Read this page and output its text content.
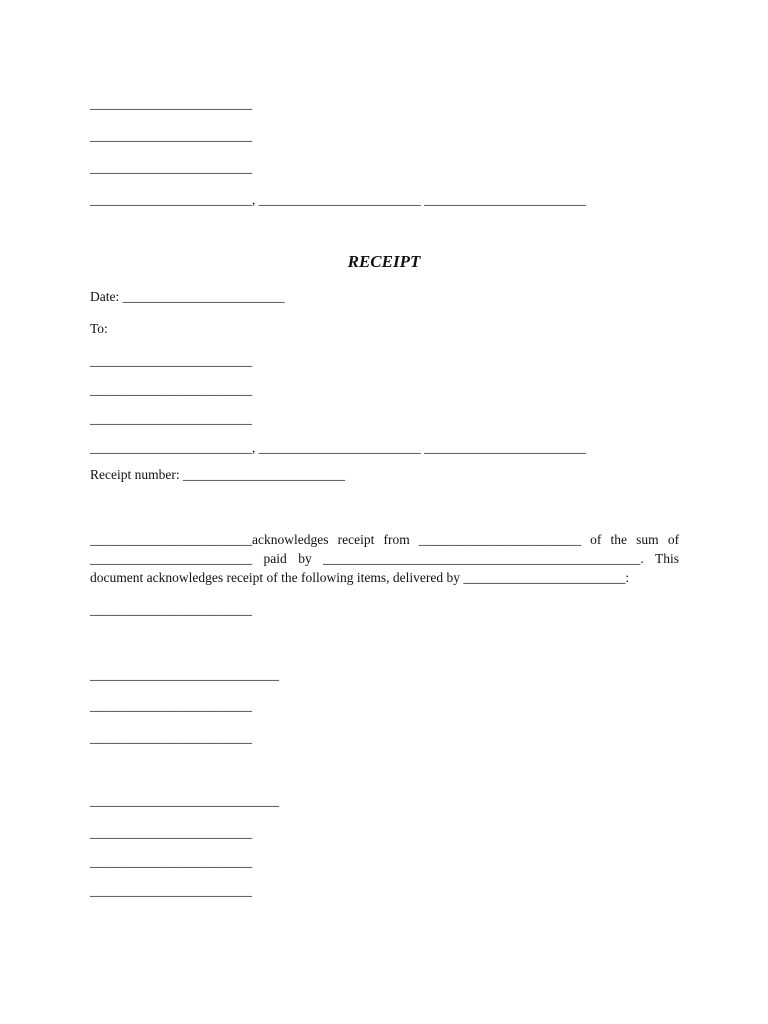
________________________
________________________
________________________
________________________, ________________________ ________________________
RECEIPT
Date: ________________________
To:
________________________
________________________
________________________
________________________, ________________________ ________________________
Receipt number: ________________________
________________________acknowledges receipt from ________________________ of the sum of
________________________ paid by _______________________________________________. This
document acknowledges receipt of the following items, delivered by ________________________:
________________________
____________________________
________________________
________________________
____________________________
________________________
________________________
________________________
